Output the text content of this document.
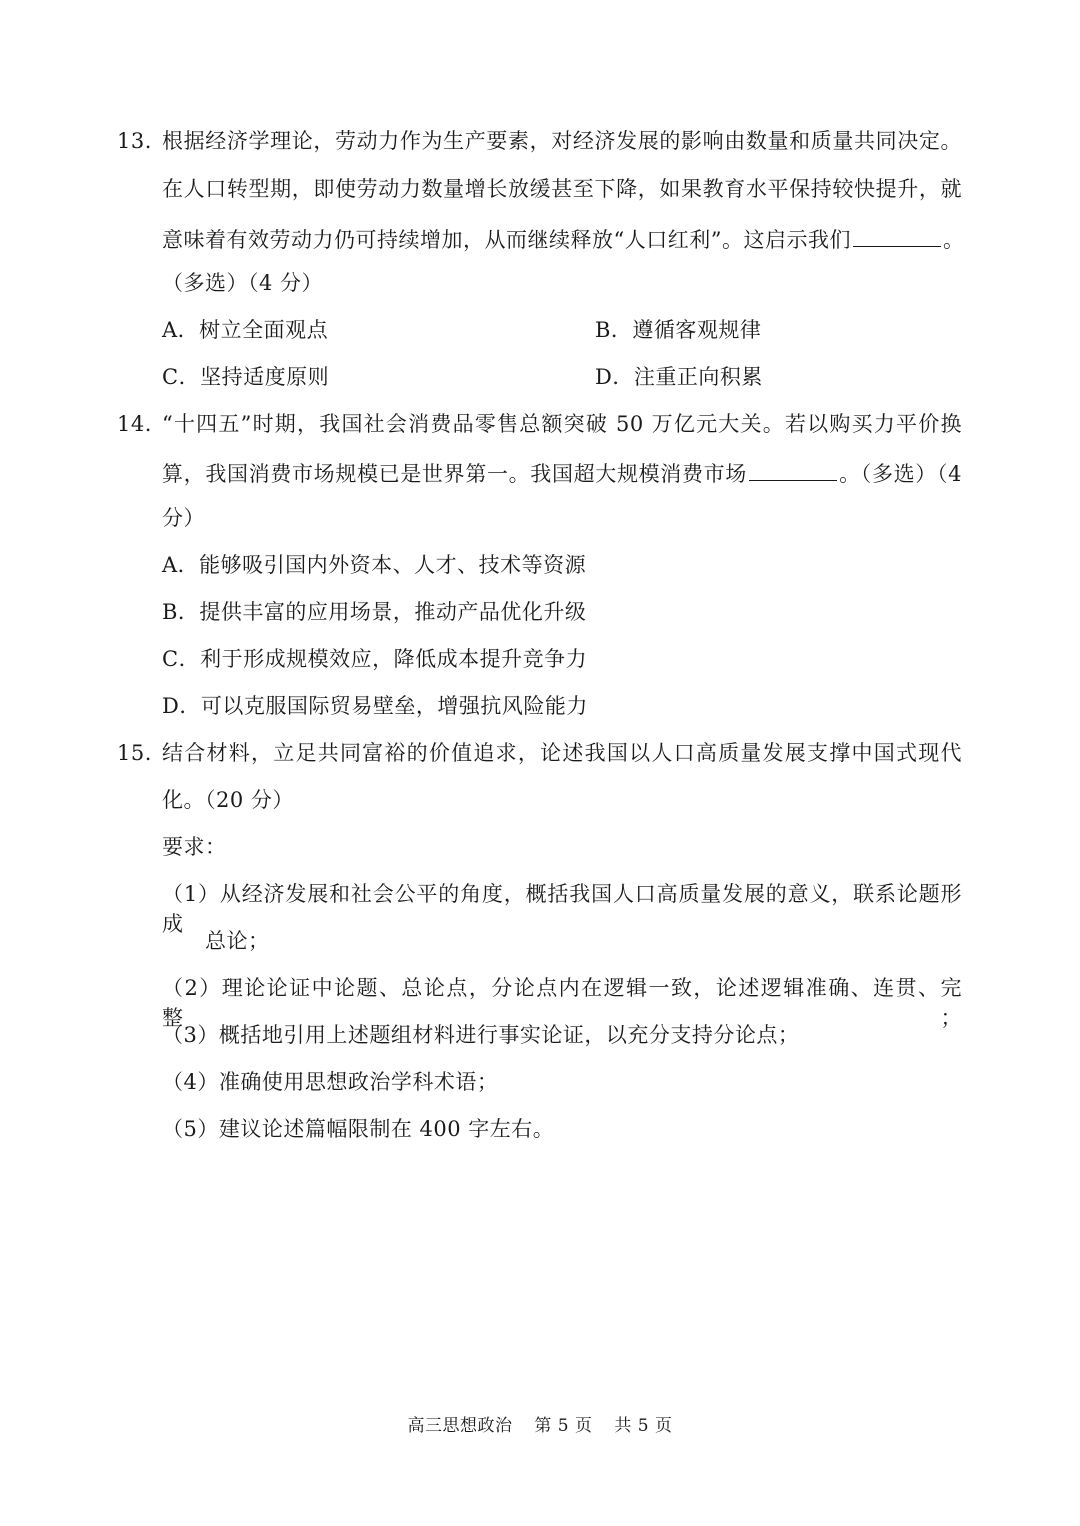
13. 根据经济学理论，劳动力作为生产要素，对经济发展的影响由数量和质量共同决定。
在人口转型期，即使劳动力数量增长放缓甚至下降，如果教育水平保持较快提升，就
意味着有效劳动力仍可持续增加，从而继续释放“人口红利”。这启示我们	。
（多选）（4 分）
A．树立全面观点	B．遵循客观规律
C．坚持适度原则	D．注重正向积累
14. “十四五”时期，我国社会消费品零售总额突破 50 万亿元大关。若以购买力平价换
算，我国消费市场规模已是世界第一。我国超大规模消费市场	。（多选）（4
分）
A．能够吸引国内外资本、人才、技术等资源
B．提供丰富的应用场景，推动产品优化升级
C．利于形成规模效应，降低成本提升竞争力
D．可以克服国际贸易壁垒，增强抗风险能力
15. 结合材料，立足共同富裕的价值追求，论述我国以人口高质量发展支撑中国式现代
化。（20 分）
要求：
（1）从经济发展和社会公平的角度，概括我国人口高质量发展的意义，联系论题形成
总论；
（2）理论论证中论题、总论点，分论点内在逻辑一致，论述逻辑准确、连贯、完整；
（3）概括地引用上述题组材料进行事实论证，以充分支持分论点；
（4）准确使用思想政治学科术语；
（5）建议论述篇幅限制在 400 字左右。
高三思想政治 第 5 页 共 5 页
